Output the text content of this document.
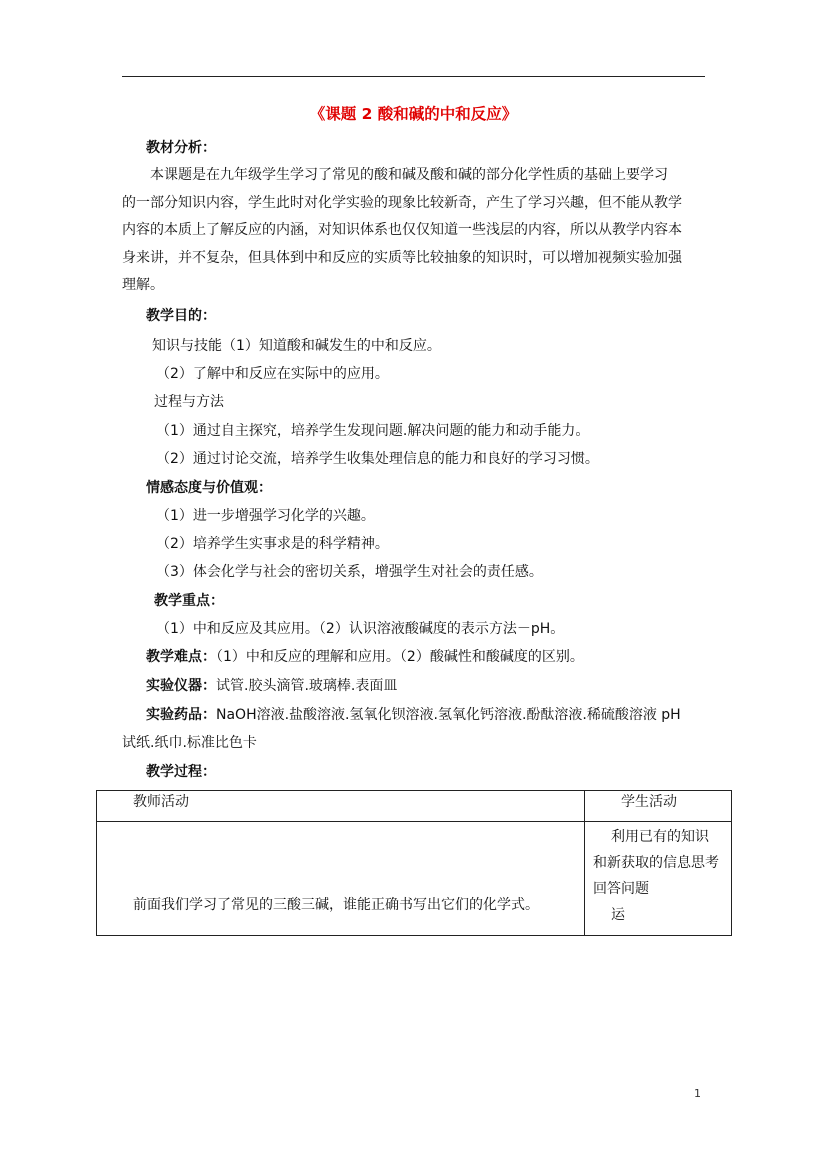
《课题 2 酸和碱的中和反应》
教材分析：

本课题是在九年级学生学习了常见的酸和碱及酸和碱的部分化学性质的基础上要学习

的一部分知识内容，学生此时对化学实验的现象比较新奇，产生了学习兴趣，但不能从教学

内容的本质上了解反应的内涵，对知识体系也仅仅知道一些浅层的内容，所以从教学内容本

身来讲，并不复杂，但具体到中和反应的实质等比较抽象的知识时，可以增加视频实验加强

理解。

教学目的：
知识与技能（1）知道酸和碱发生的中和反应。
（2）了解中和反应在实际中的应用。
过程与方法
（1）通过自主探究，培养学生发现问题.解决问题的能力和动手能力。
（2）通过讨论交流，培养学生收集处理信息的能力和良好的学习习惯。
情感态度与价值观：
（1）进一步增强学习化学的兴趣。
（2）培养学生实事求是的科学精神。
（3）体会化学与社会的密切关系，增强学生对社会的责任感。
教学重点：
（1）中和反应及其应用。（2）认识溶液酸碱度的表示方法－pH。
教学难点：（1）中和反应的理解和应用。（2）酸碱性和酸碱度的区别。
实验仪器：试管.胶头滴管.玻璃棒.表面皿
实验药品：NaOH溶液.盐酸溶液.氢氧化钡溶液.氢氧化钙溶液.酚酞溶液.稀硫酸溶液 pH
试纸.纸巾.标准比色卡
教学过程：
教师活动	学生活动

前面我们学习了常见的三酸三碱，谁能正确书写出它们的化学式。	利用已有的知识
和新获取的信息思考
回答问题
运
1
